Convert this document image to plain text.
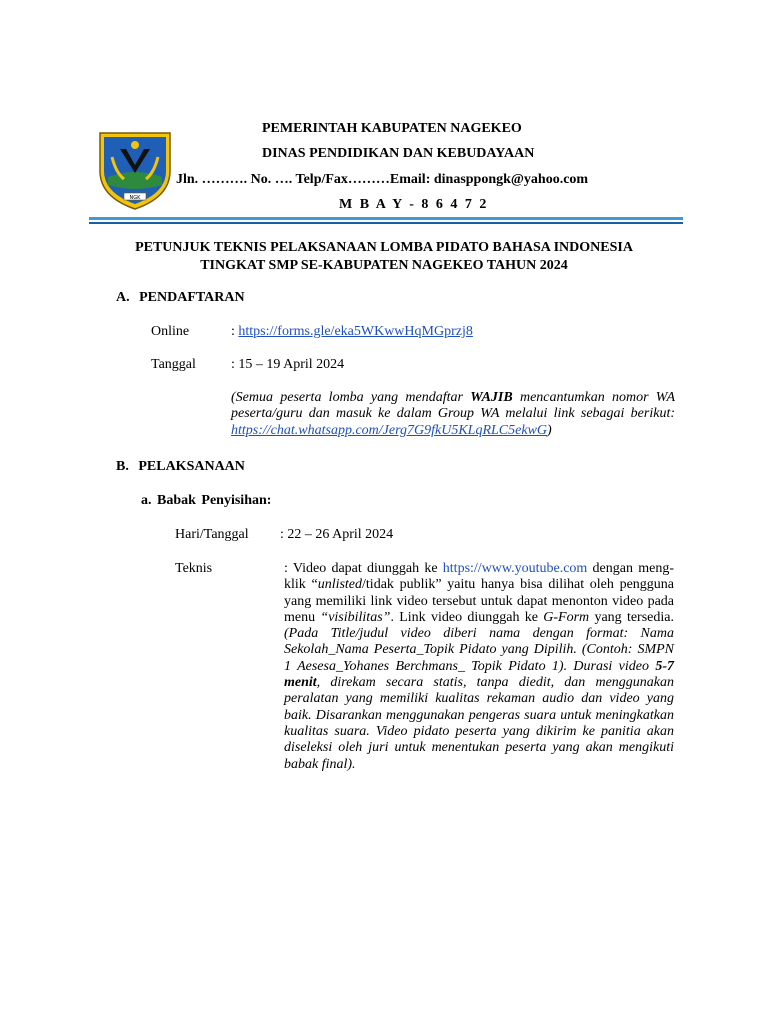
NGK
PEMERINTAH KABUPATEN NAGEKEO
DINAS PENDIDIKAN DAN KEBUDAYAAN
Jln. ………. No. …. Telp/Fax………Email: dinasppongk@yahoo.com
M B A Y - 8 6 4 7 2
PETUNJUK TEKNIS PELAKSANAAN LOMBA PIDATO BAHASA INDONESIA
TINGKAT SMP SE-KABUPATEN NAGEKEO TAHUN 2024
A. PENDAFTARAN
Online	: https://forms.gle/eka5WKwwHqMGprzj8
Tanggal	: 15 – 19 April 2024
(Semua peserta lomba yang mendaftar WAJIB mencantumkan nomor WA peserta/guru dan masuk ke dalam Group WA melalui link sebagai berikut: https://chat.whatsapp.com/Jerg7G9fkU5KLqRLC5ekwG)
B. PELAKSANAAN
a. Babak Penyisihan:
Hari/Tanggal : 22 – 26 April 2024
Teknis	: Video dapat diunggah ke https://www.youtube.com dengan meng-klik “unlisted/tidak publik” yaitu hanya bisa dilihat oleh pengguna yang memiliki link video tersebut untuk dapat menonton video pada menu “visibilitas”. Link video diunggah ke G-Form yang tersedia. (Pada Title/judul video diberi nama dengan format: Nama Sekolah_Nama Peserta_Topik Pidato yang Dipilih. (Contoh: SMPN 1 Aesesa_Yohanes Berchmans_ Topik Pidato 1). Durasi video 5-7 menit, direkam secara statis, tanpa diedit, dan menggunakan peralatan yang memiliki kualitas rekaman audio dan video yang baik. Disarankan menggunakan pengeras suara untuk meningkatkan kualitas suara. Video pidato peserta yang dikirim ke panitia akan diseleksi oleh juri untuk menentukan peserta yang akan mengikuti babak final).
